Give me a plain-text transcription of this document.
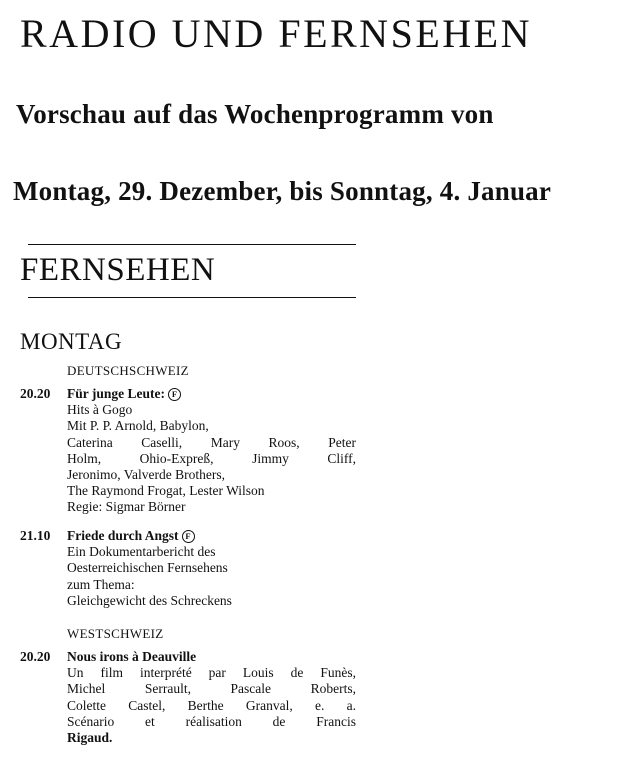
RADIO UND FERNSEHEN
Vorschau auf das Wochenprogramm von
Montag, 29. Dezember, bis Sonntag, 4. Januar
FERNSEHEN
MONTAG
DEUTSCHSCHWEIZ
20.20	Für junge Leute: F
Hits à Gogo
Mit P. P. Arnold, Babylon,
Caterina Caselli, Mary Roos, Peter
Holm, Ohio-Expreß, Jimmy Cliff,
Jeronimo, Valverde Brothers,
The Raymond Frogat, Lester Wilson
Regie: Sigmar Börner
21.10	Friede durch Angst F
Ein Dokumentarbericht des
Oesterreichischen Fernsehens
zum Thema:
Gleichgewicht des Schreckens
WESTSCHWEIZ
20.20	Nous irons à Deauville
Un film interprété par Louis de Funès,
Michel Serrault, Pascale Roberts,
Colette Castel, Berthe Granval, e. a.
Scénario et réalisation de Francis
Rigaud.
